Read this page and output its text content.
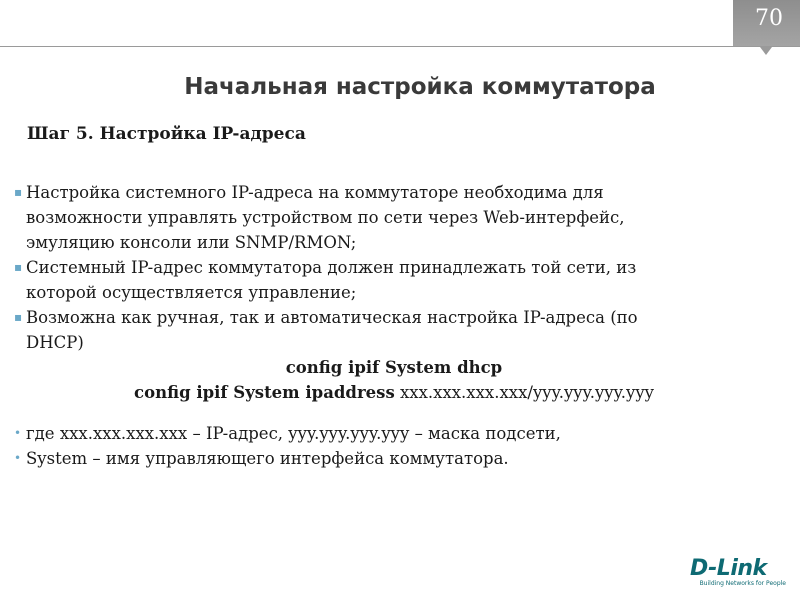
70
Начальная настройка коммутатора
Шаг 5. Настройка IP-адреса
▪ Настройка системного IP-адреса на коммутаторе необходима для
возможности управлять устройством по сети через Web-интерфейс,
эмуляцию консоли или SNMP/RMON;
▪ Системный IP-адрес коммутатора должен принадлежать той сети, из
которой осуществляется управление;
▪ Возможна как ручная, так и автоматическая настройка IP-адреса (по
DHCP)

config ipif System dhcp

config ipif System ipaddress xxx.xxx.xxx.xxx/yyy.yyy.yyy.yyy

• где xxx.xxx.xxx.xxx – IP-адрес, yyy.yyy.yyy.yyy – маска подсети,
• System – имя управляющего интерфейса коммутатора.
D-Link
Building Networks for People
